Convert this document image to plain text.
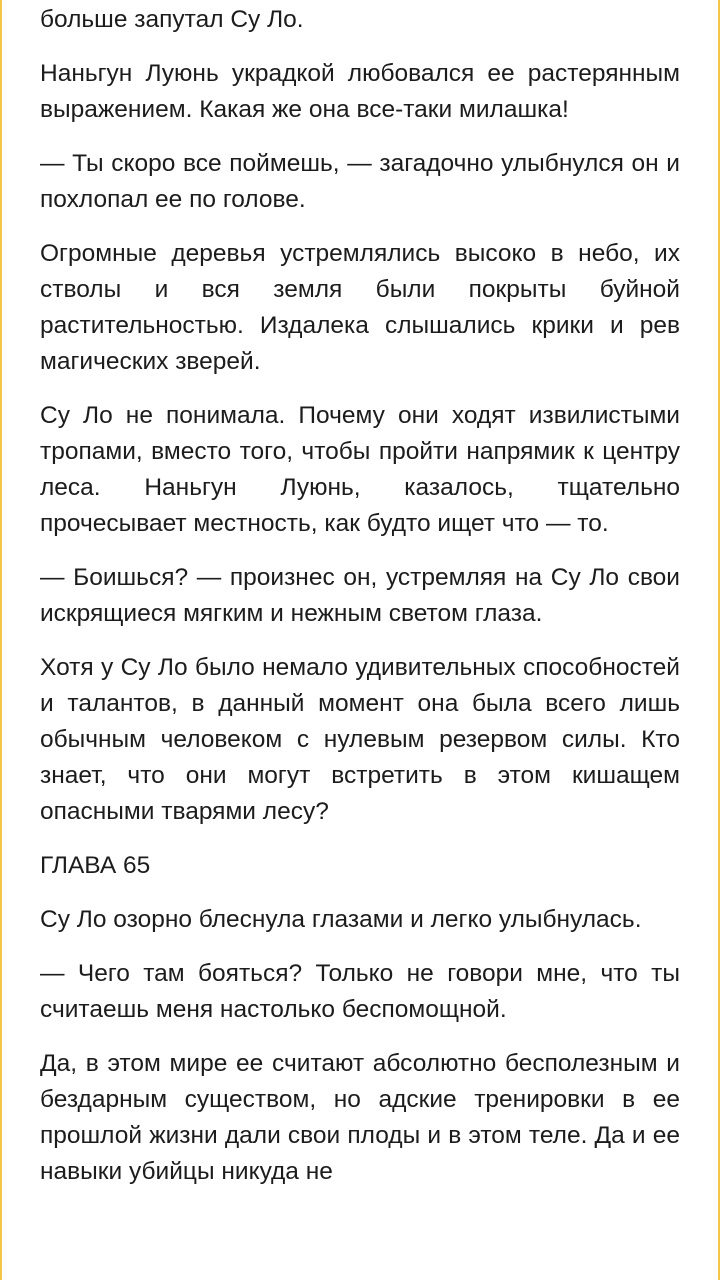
больше запутал Су Ло.

Наньгун Луюнь украдкой любовался ее растерянным выражением. Какая же она все-таки милашка!

— Ты скоро все поймешь, — загадочно улыбнулся он и похлопал ее по голове.

Огромные деревья устремлялись высоко в небо, их стволы и вся земля были покрыты буйной растительностью. Издалека слышались крики и рев магических зверей.

Су Ло не понимала. Почему они ходят извилистыми тропами, вместо того, чтобы пройти напрямик к центру леса. Наньгун Луюнь, казалось, тщательно прочесывает местность, как будто ищет что — то.

— Боишься? — произнес он, устремляя на Су Ло свои искрящиеся мягким и нежным светом глаза.

Хотя у Су Ло было немало удивительных способностей и талантов, в данный момент она была всего лишь обычным человеком с нулевым резервом силы. Кто знает, что они могут встретить в этом кишащем опасными тварями лесу?

ГЛАВА 65

Су Ло озорно блеснула глазами и легко улыбнулась.

— Чего там бояться? Только не говори мне, что ты считаешь меня настолько беспомощной.

Да, в этом мире ее считают абсолютно бесполезным и бездарным существом, но адские тренировки в ее прошлой жизни дали свои плоды и в этом теле. Да и ее навыки убийцы никуда не
